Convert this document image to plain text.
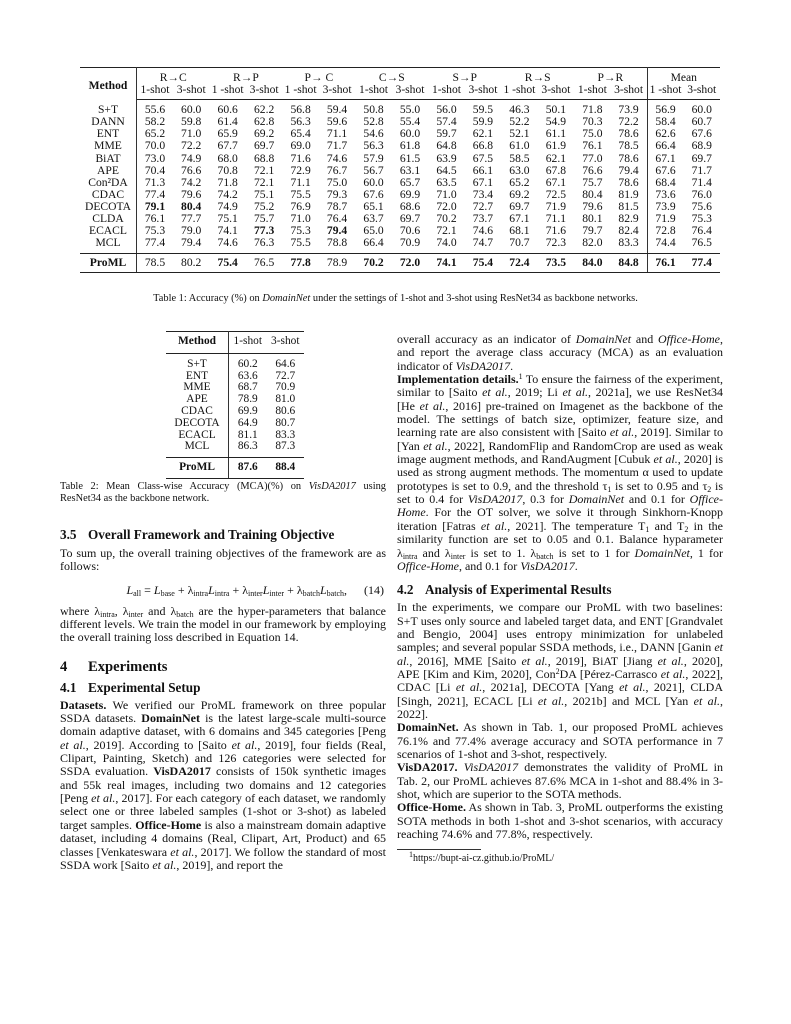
Method	R→C		R→P		P→ C		C→S		S→P		R→S		P→R		Mean	
	1-shot	3-shot	1 -shot	3-shot	1 -shot	3-shot	1-shot	3-shot	1-shot	3-shot	1 -shot	3-shot	1-shot	3-shot	1 -shot	3-shot
S+T	55.6	60.0	60.6	62.2	56.8	59.4	50.8	55.0	56.0	59.5	46.3	50.1	71.8	73.9	56.9	60.0
DANN	58.2	59.8	61.4	62.8	56.3	59.6	52.8	55.4	57.4	59.9	52.2	54.9	70.3	72.2	58.4	60.7
ENT	65.2	71.0	65.9	69.2	65.4	71.1	54.6	60.0	59.7	62.1	52.1	61.1	75.0	78.6	62.6	67.6
MME	70.0	72.2	67.7	69.7	69.0	71.7	56.3	61.8	64.8	66.8	61.0	61.9	76.1	78.5	66.4	68.9
BiAT	73.0	74.9	68.0	68.8	71.6	74.6	57.9	61.5	63.9	67.5	58.5	62.1	77.0	78.6	67.1	69.7
APE	70.4	76.6	70.8	72.1	72.9	76.7	56.7	63.1	64.5	66.1	63.0	67.8	76.6	79.4	67.6	71.7
Con²DA	71.3	74.2	71.8	72.1	71.1	75.0	60.0	65.7	63.5	67.1	65.2	67.1	75.7	78.6	68.4	71.4
CDAC	77.4	79.6	74.2	75.1	75.5	79.3	67.6	69.9	71.0	73.4	69.2	72.5	80.4	81.9	73.6	76.0
DECOTA	79.1	80.4	74.9	75.2	76.9	78.7	65.1	68.6	72.0	72.7	69.7	71.9	79.6	81.5	73.9	75.6
CLDA	76.1	77.7	75.1	75.7	71.0	76.4	63.7	69.7	70.2	73.7	67.1	71.1	80.1	82.9	71.9	75.3
ECACL	75.3	79.0	74.1	77.3	75.3	79.4	65.0	70.6	72.1	74.6	68.1	71.6	79.7	82.4	72.8	76.4
MCL	77.4	79.4	74.6	76.3	75.5	78.8	66.4	70.9	74.0	74.7	70.7	72.3	82.0	83.3	74.4	76.5
ProML	78.5	80.2	75.4	76.5	77.8	78.9	70.2	72.0	74.1	75.4	72.4	73.5	84.0	84.8	76.1	77.4
Table 1: Accuracy (%) on DomainNet under the settings of 1-shot and 3-shot using ResNet34 as backbone networks.
Method	1-shot	3-shot
S+T	60.2	64.6
ENT	63.6	72.7
MME	68.7	70.9
APE	78.9	81.0
CDAC	69.9	80.6
DECOTA	64.9	80.7
ECACL	81.1	83.3
MCL	86.3	87.3
ProML	87.6	88.4
Table 2: Mean Class-wise Accuracy (MCA)(%) on VisDA2017 using ResNet34 as the backbone network.
3.5 Overall Framework and Training Objective

To sum up, the overall training objectives of the framework are as follows:

$L_{all} = L_{base} + \lambda_{intra}L_{intra} + \lambda_{inter}L_{inter} + \lambda_{batch}L_{batch}$, (14)

where $\lambda_{intra}$, $\lambda_{inter}$ and $\lambda_{batch}$ are the hyper-parameters that balance different levels. We train the model in our framework by employing the overall training loss described in Equation 14.

4 Experiments
4.1 Experimental Setup

Datasets. We verified our ProML framework on three popular SSDA datasets. DomainNet is the latest large-scale multi-source domain adaptive dataset, with 6 domains and 345 categories [Peng et al., 2019]. According to [Saito et al., 2019], four fields (Real, Clipart, Painting, Sketch) and 126 categories were selected for SSDA evaluation. VisDA2017 consists of 150k synthetic images and 55k real images, including two domains and 12 categories [Peng et al., 2017]. For each category of each dataset, we randomly select one or three labeled samples (1-shot or 3-shot) as labeled target samples. Office-Home is also a mainstream domain adaptive dataset, including 4 domains (Real, Clipart, Art, Product) and 65 classes [Venkateswara et al., 2017]. We follow the standard of most SSDA work [Saito et al., 2019], and report the

overall accuracy as an indicator of DomainNet and Office-Home, and report the average class accuracy (MCA) as an evaluation indicator of VisDA2017.

Implementation details.$^1$ To ensure the fairness of the experiment, similar to [Saito et al., 2019; Li et al., 2021a], we use ResNet34 [He et al., 2016] pre-trained on Imagenet as the backbone of the model. The settings of batch size, optimizer, feature size, and learning rate are also consistent with [Saito et al., 2019]. Similar to [Yan et al., 2022], RandomFlip and RandomCrop are used as weak image augment methods, and RandAugment [Cubuk et al., 2020] is used as strong augment methods. The momentum α used to update prototypes is set to 0.9, and the threshold $\tau_1$ is set to 0.95 and $\tau_2$ is set to 0.4 for VisDA2017, 0.3 for DomainNet and 0.1 for Office-Home. For the OT solver, we solve it through Sinkhorn-Knopp iteration [Fatras et al., 2021]. The temperature $T_1$ and $T_2$ in the similarity function are set to 0.05 and 0.1. Balance hyparameter $\lambda_{intra}$ and $\lambda_{inter}$ is set to 1. $\lambda_{batch}$ is set to 1 for DomainNet, 1 for Office-Home, and 0.1 for VisDA2017.

4.2 Analysis of Experimental Results

In the experiments, we compare our ProML with two baselines: S+T uses only source and labeled target data, and ENT [Grandvalet and Bengio, 2004] uses entropy minimization for unlabeled samples; and several popular SSDA methods, i.e., DANN [Ganin et al., 2016], MME [Saito et al., 2019], BiAT [Jiang et al., 2020], APE [Kim and Kim, 2020], Con$^2$DA [Pérez-Carrasco et al., 2022], CDAC [Li et al., 2021a], DECOTA [Yang et al., 2021], CLDA [Singh, 2021], ECACL [Li et al., 2021b] and MCL [Yan et al., 2022].

DomainNet. As shown in Tab. 1, our proposed ProML achieves 76.1% and 77.4% average accuracy and SOTA performance in 7 scenarios of 1-shot and 3-shot, respectively.

VisDA2017. VisDA2017 demonstrates the validity of ProML in Tab. 2, our ProML achieves 87.6% MCA in 1-shot and 88.4% in 3-shot, which are superior to the SOTA methods.

Office-Home. As shown in Tab. 3, ProML outperforms the existing SOTA methods in both 1-shot and 3-shot scenarios, with accuracy reaching 74.6% and 77.8%, respectively.

$^1$https://bupt-ai-cz.github.io/ProML/
